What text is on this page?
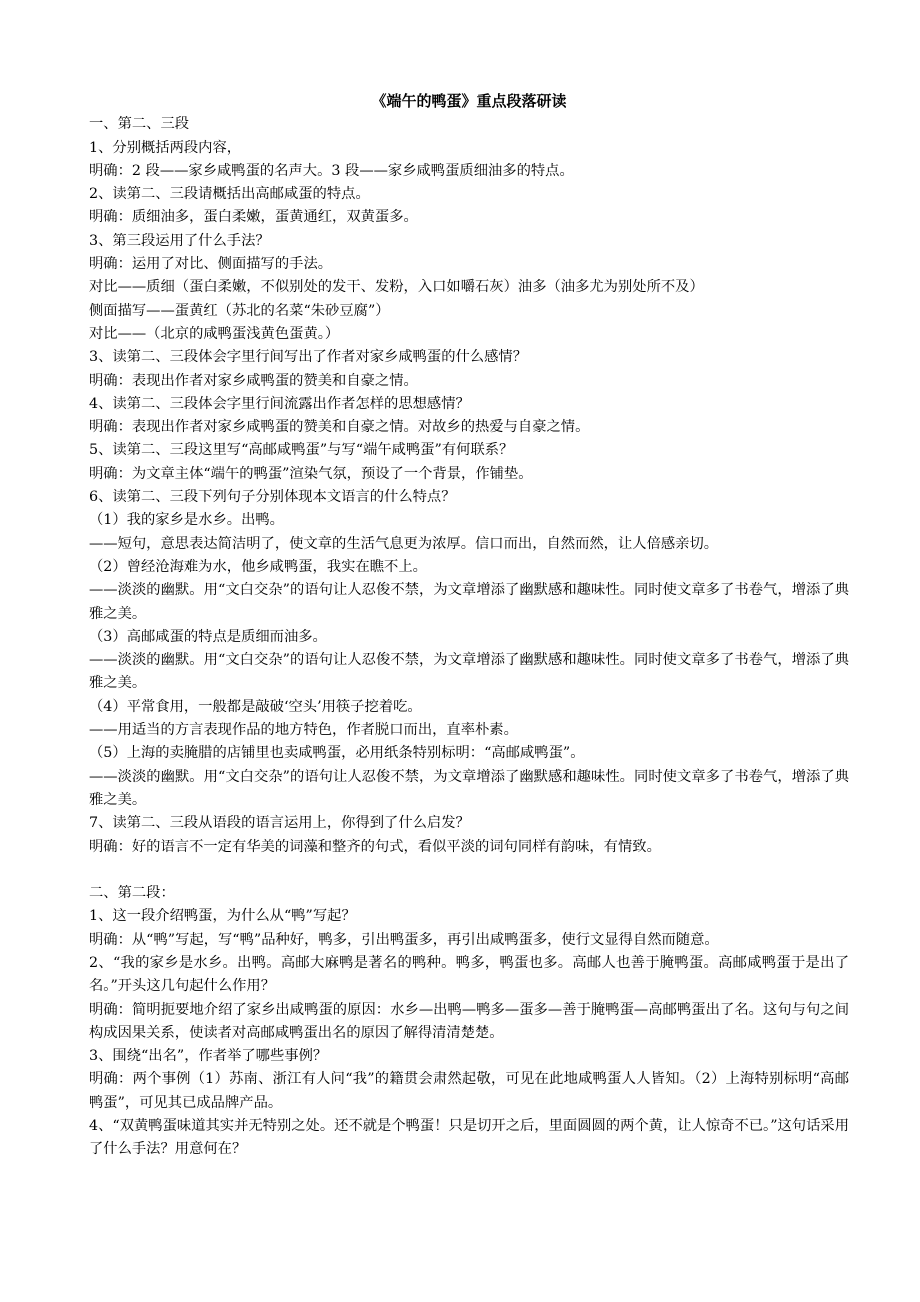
《端午的鸭蛋》重点段落研读

一、第二、三段

1、分别概括两段内容，

明确：2 段——家乡咸鸭蛋的名声大。3 段——家乡咸鸭蛋质细油多的特点。

2、读第二、三段请概括出高邮咸蛋的特点。

明确：质细油多，蛋白柔嫩，蛋黄通红，双黄蛋多。

3、第三段运用了什么手法？

明确：运用了对比、侧面描写的手法。

对比——质细（蛋白柔嫩，不似别处的发干、发粉，入口如嚼石灰）油多（油多尤为别处所不及）

侧面描写——蛋黄红（苏北的名菜“朱砂豆腐”）

对比——（北京的咸鸭蛋浅黄色蛋黄。）

3、读第二、三段体会字里行间写出了作者对家乡咸鸭蛋的什么感情？

明确：表现出作者对家乡咸鸭蛋的赞美和自豪之情。

4、读第二、三段体会字里行间流露出作者怎样的思想感情？

明确：表现出作者对家乡咸鸭蛋的赞美和自豪之情。对故乡的热爱与自豪之情。

5、读第二、三段这里写“高邮咸鸭蛋”与写“端午咸鸭蛋”有何联系？

明确：为文章主体“端午的鸭蛋”渲染气氛，预设了一个背景，作铺垫。

6、读第二、三段下列句子分别体现本文语言的什么特点？

（1）我的家乡是水乡。出鸭。

——短句，意思表达简洁明了，使文章的生活气息更为浓厚。信口而出，自然而然，让人倍感亲切。

（2）曾经沧海难为水，他乡咸鸭蛋，我实在瞧不上。

——淡淡的幽默。用“文白交杂”的语句让人忍俊不禁，为文章增添了幽默感和趣味性。同时使文章多了书卷气，增添了典雅之美。

（3）高邮咸蛋的特点是质细而油多。

——淡淡的幽默。用“文白交杂”的语句让人忍俊不禁，为文章增添了幽默感和趣味性。同时使文章多了书卷气，增添了典雅之美。

（4）平常食用，一般都是敲破‘空头’用筷子挖着吃。

——用适当的方言表现作品的地方特色，作者脱口而出，直率朴素。

（5）上海的卖腌腊的店铺里也卖咸鸭蛋，必用纸条特别标明：“高邮咸鸭蛋”。

——淡淡的幽默。用“文白交杂”的语句让人忍俊不禁，为文章增添了幽默感和趣味性。同时使文章多了书卷气，增添了典雅之美。

7、读第二、三段从语段的语言运用上，你得到了什么启发？

明确：好的语言不一定有华美的词藻和整齐的句式，看似平淡的词句同样有韵味，有情致。

二、第二段：

1、这一段介绍鸭蛋，为什么从“鸭”写起？

明确：从“鸭”写起，写“鸭”品种好，鸭多，引出鸭蛋多，再引出咸鸭蛋多，使行文显得自然而随意。

2、“我的家乡是水乡。出鸭。高邮大麻鸭是著名的鸭种。鸭多，鸭蛋也多。高邮人也善于腌鸭蛋。高邮咸鸭蛋于是出了名。”开头这几句起什么作用？

明确：简明扼要地介绍了家乡出咸鸭蛋的原因：水乡—出鸭—鸭多—蛋多—善于腌鸭蛋—高邮鸭蛋出了名。这句与句之间构成因果关系，使读者对高邮咸鸭蛋出名的原因了解得清清楚楚。

3、围绕“出名”，作者举了哪些事例？

明确：两个事例（1）苏南、浙江有人问“我”的籍贯会肃然起敬，可见在此地咸鸭蛋人人皆知。（2）上海特别标明“高邮鸭蛋”，可见其已成品牌产品。

4、“双黄鸭蛋味道其实并无特别之处。还不就是个鸭蛋！只是切开之后，里面圆圆的两个黄，让人惊奇不已。”这句话采用了什么手法？用意何在？
